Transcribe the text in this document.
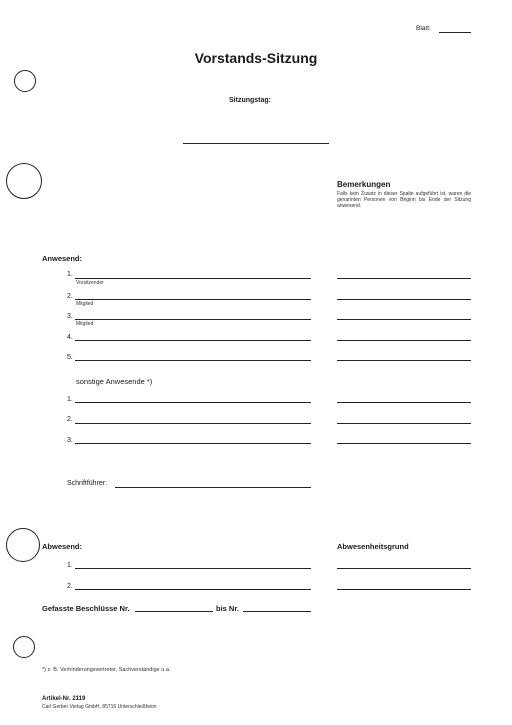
Blatt:
Vorstands-Sitzung
Sitzungstag:
Bemerkungen
Falls kein Zusatz in dieser Spalte aufgeführt ist, waren die genannten Personen von Beginn bis Ende der Sitzung anwesend.
Anwesend:
1.
Vorsitzender
2.
Mitglied
3.
Mitglied
4.
5.
sonstige Anwesende *)
1.
2.
3.
Schriftführer:
Abwesend:	Abwesenheitsgrund
1.
2.
Gefasste Beschlüsse Nr.	bis Nr.
*) z. B. Verhinderungsvertreter, Sachverständige u.a.
Artikel-Nr. 2119
Carl Gerber Verlag GmbH, 85716 Unterschleißheim
